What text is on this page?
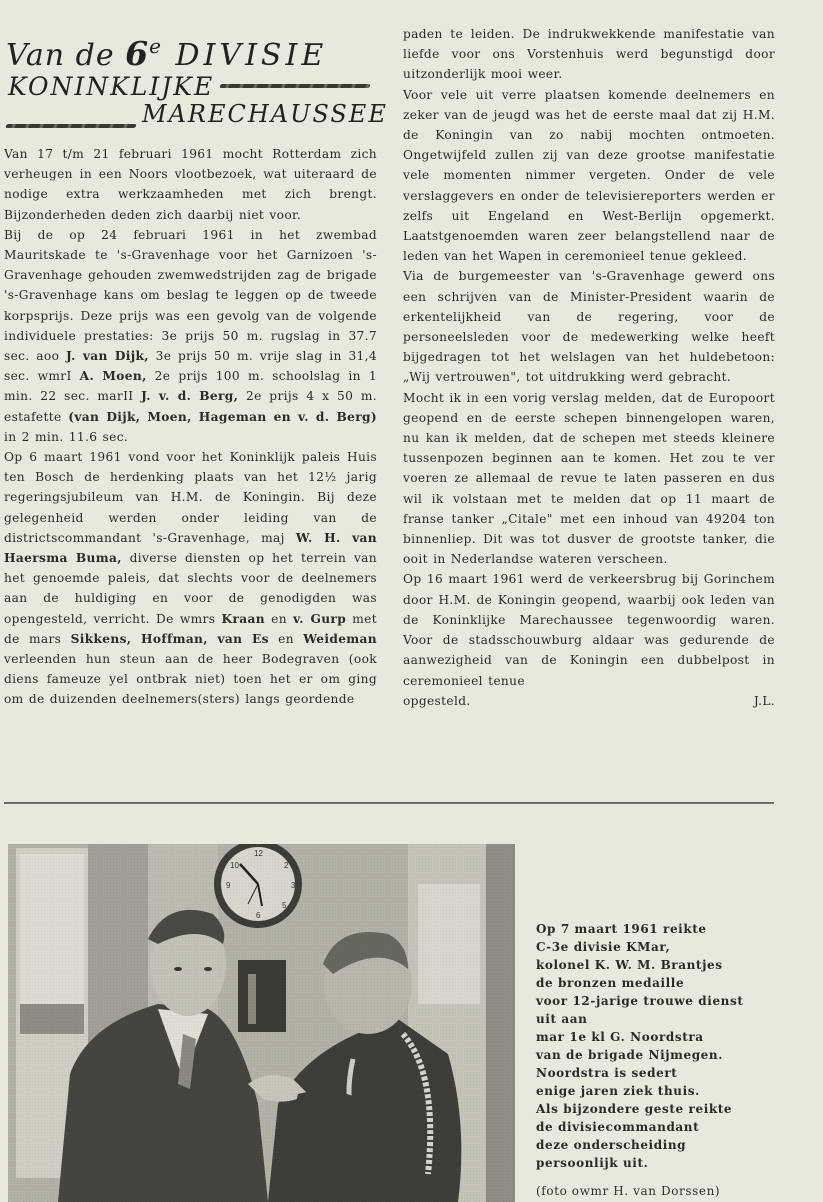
Van de 6e DIVISIE
KONINKLIJKE
MARECHAUSSEE

Van 17 t/m 21 februari 1961 mocht Rotterdam zich verheugen in een Noors vlootbezoek, wat uiteraard de nodige extra werkzaamheden met zich brengt. Bijzonderheden deden zich daarbij niet voor.

Bij de op 24 februari 1961 in het zwembad Mauritskade te 's-Gravenhage voor het Garnizoen 's-Gravenhage gehouden zwemwedstrijden zag de brigade 's-Gravenhage kans om beslag te leggen op de tweede korpsprijs. Deze prijs was een gevolg van de volgende individuele prestaties: 3e prijs 50 m. rugslag in 37.7 sec. aoo J. van Dijk, 3e prijs 50 m. vrije slag in 31,4 sec. wmrI A. Moen, 2e prijs 100 m. schoolslag in 1 min. 22 sec. marII J. v. d. Berg, 2e prijs 4 x 50 m. estafette (van Dijk, Moen, Hageman en v. d. Berg) in 2 min. 11.6 sec.

Op 6 maart 1961 vond voor het Koninklijk paleis Huis ten Bosch de herdenking plaats van het 12½ jarig regeringsjubileum van H.M. de Koningin. Bij deze gelegenheid werden onder leiding van de districtscommandant 's-Gravenhage, maj W. H. van Haersma Buma, diverse diensten op het terrein van het genoemde paleis, dat slechts voor de deelnemers aan de huldiging en voor de genodigden was opengesteld, verricht. De wmrs Kraan en v. Gurp met de mars Sikkens, Hoffman, van Es en Weideman verleenden hun steun aan de heer Bodegraven (ook diens fameuze yel ontbrak niet) toen het er om ging om de duizenden deelnemers(sters) langs geordende

paden te leiden. De indrukwekkende manifestatie van liefde voor ons Vorstenhuis werd begunstigd door uitzonderlijk mooi weer.

Voor vele uit verre plaatsen komende deelnemers en zeker van de jeugd was het de eerste maal dat zij H.M. de Koningin van zo nabij mochten ontmoeten. Ongetwijfeld zullen zij van deze grootse manifestatie vele momenten nimmer vergeten. Onder de vele verslaggevers en onder de televisiereporters werden er zelfs uit Engeland en West-Berlijn opgemerkt. Laatstgenoemden waren zeer belangstellend naar de leden van het Wapen in ceremonieel tenue gekleed.

Via de burgemeester van 's-Gravenhage gewerd ons een schrijven van de Minister-President waarin de erkentelijkheid van de regering, voor de personeelsleden voor de medewerking welke heeft bijgedragen tot het welslagen van het huldebetoon: „Wij vertrouwen", tot uitdrukking werd gebracht.

Mocht ik in een vorig verslag melden, dat de Europoort geopend en de eerste schepen binnengelopen waren, nu kan ik melden, dat de schepen met steeds kleinere tussenpozen beginnen aan te komen. Het zou te ver voeren ze allemaal de revue te laten passeren en dus wil ik volstaan met te melden dat op 11 maart de franse tanker „Citale" met een inhoud van 49204 ton binnenliep. Dit was tot dusver de grootste tanker, die ooit in Nederlandse wateren verscheen.

Op 16 maart 1961 werd de verkeersbrug bij Gorinchem door H.M. de Koningin geopend, waarbij ook leden van de Koninklijke Marechaussee tegenwoordig waren. Voor de stadsschouwburg aldaar was gedurende de aanwezigheid van de Koningin een dubbelpost in ceremonieel tenue

opgesteld.	J.L.
Op 7 maart 1961 reikte
C-3e divisie KMar,
kolonel K. W. M. Brantjes
de bronzen medaille
voor 12-jarige trouwe dienst
uit aan
mar 1e kl G. Noordstra
van de brigade Nijmegen.
Noordstra is sedert
enige jaren ziek thuis.
Als bijzondere geste reikte
de divisiecommandant
deze onderscheiding
persoonlijk uit.
(foto owmr H. van Dorssen)
